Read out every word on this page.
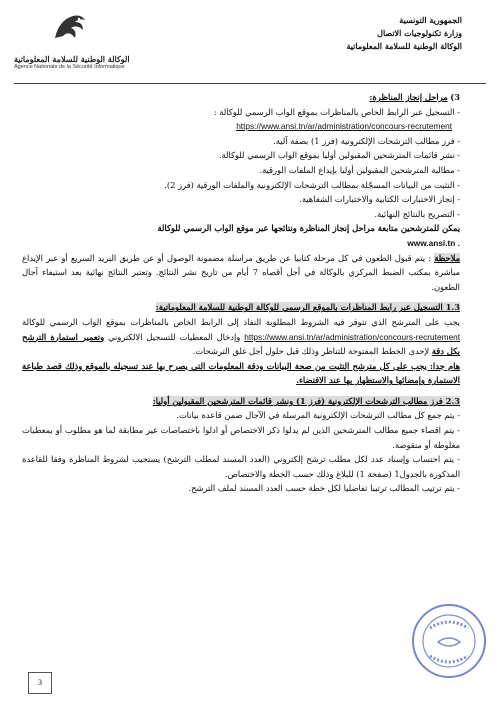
الوكالة الوطنية للسلامة المعلوماتية
Agence Nationale de la Sécurité Informatique
الجمهورية التونسية
وزارة تكنولوجيات الاتصال
الوكالة الوطنية للسلامة المعلوماتية

3) مراحل إنجاز المناظرة:

- التسجيل عبر الرابط الخاص بالمناظرات بموقع الواب الرسمي للوكالة :

https://www.ansi.tn/ar/administration/concours-recrutement

- فرز مطالب الترشحات الإلكترونية (فرز 1) بصفة آلية.

- نشر قائمات المترشحين المقبولين أوليا بموقع الواب الرسمي للوكالة.

- مطالبة المترشحين المقبولين أوليا بإيداع الملفات الورقية.

- التثبت من البيانات المسجّلة بمطالب الترشحات الإلكترونية والملفات الورقية (فرز 2).

- إنجاز الاختبارات الكتابية والاختبارات الشفاهية.

- التصريح بالنتائج النهائية.

يمكن للمترشحين متابعة مراحل إنجاز المناظرة ونتائجها عبر موقع الواب الرسمي للوكالة

www.ansi.tn .

ملاحظة : يتم قبول الطعون في كل مرحلة كتابيا عن طريق مراسلة مضمونة الوصول أو عن طريق البريد السريع أو عبر الإيداع مباشرة بمكتب الضبط المركزي بالوكالة في أجل أقصاه 7 أيام من تاريخ نشر النتائج. وتعتبر النتائج نهائية بعد استيفاء آجال الطعون.

1.3 التسجيل عبر رابط المناظرات بالموقع الرسمي للوكالة الوطنية للسلامة المعلوماتية:

يجب على المترشح الذي تتوفر فيه الشروط المطلوبة النفاذ إلى الرابط الخاص بالمناظرات بموقع الواب الرسمي للوكالة https://www.ansi.tn/ar/administration/concours-recrutement وإدخال المعطيات للتسجيل الالكتروني وتعمير استمارة الترشح بكل دقة لإحدى الخطط المفتوحة للتناظر وذلك قبل حلول أجل غلق الترشحات.

هام جدا: يجب على كل مترشح التثبت من صحة البيانات ودقة المعلومات التي يصرح بها عند تسجيله بالموقع وذلك قصد طباعة الاستمارة وإمضائها والاستظهار بها عند الاقتضاء.

2.3 فرز مطالب الترشحات الإلكترونية (فرز 1) ونشر قائمات المترشحين المقبولين أوليا:

- يتم جمع كل مطالب الترشحات الإلكترونية المرسلة في الآجال ضمن قاعدة بيانات.

- يتم اقصاء جميع مطالب المترشحين الذين لم يدلوا ذكر الاختصاص أو ادلوا باختصاصات غير مطابقة لما هو مطلوب أو بمعطيات مغلوطة أو منقوصة.

- يتم احتساب وإسناد عدد لكل مطلب ترشح إلكتروني (العدد المسند لمطلب الترشح) يستجيب لشروط المناظرة وفقا للقاعدة المذكورة بالجدول1 (صفحة 1) للبلاغ وذلك حسب الخطة والاختصاص.

- يتم ترتيب المطالب ترتيبا تفاضليا لكل خطة حسب العدد المسند لملف الترشح.

3
